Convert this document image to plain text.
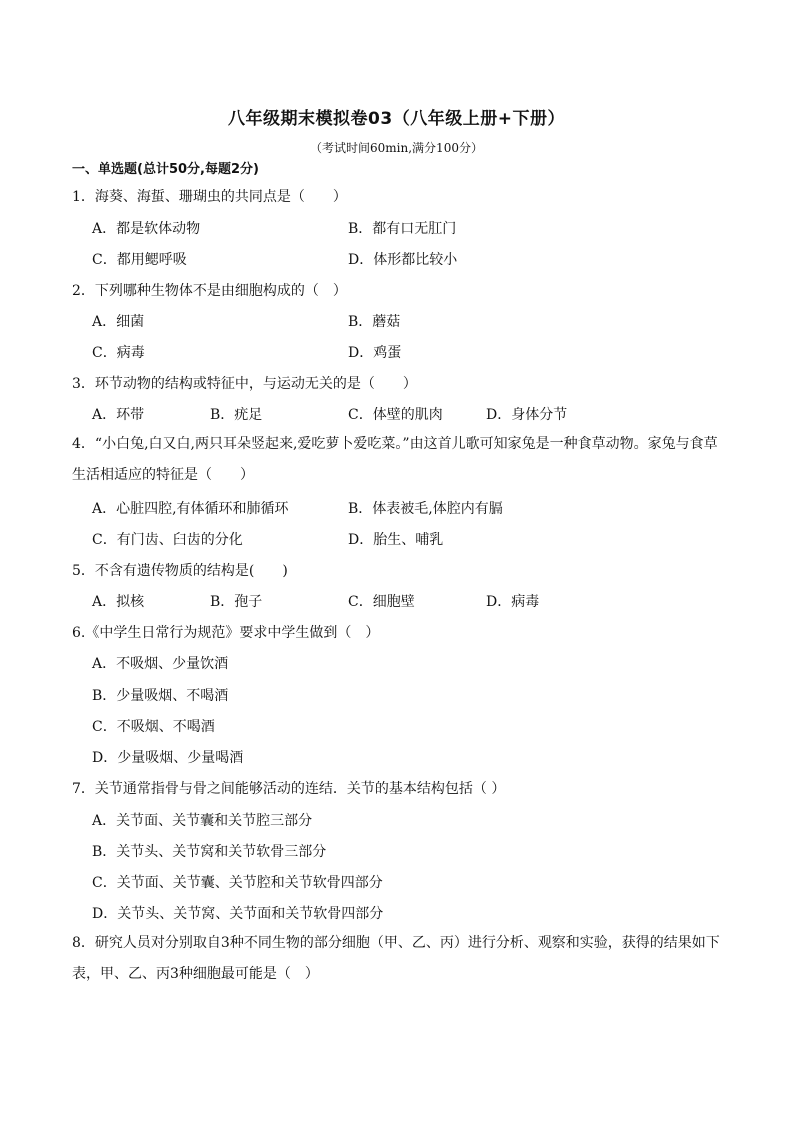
八年级期末模拟卷03（八年级上册+下册）
（考试时间60min,满分100分）
一、单选题(总计50分,每题2分)
1．海葵、海蜇、珊瑚虫的共同点是（　　）
A．都是软体动物	B．都有口无肛门
C．都用鳃呼吸	D．体形都比较小
2．下列哪种生物体不是由细胞构成的（　）
A．细菌	B．蘑菇
C．病毒	D．鸡蛋
3．环节动物的结构或特征中，与运动无关的是（　　）
A．环带	B．疣足	C．体壁的肌肉	D．身体分节
4．“小白兔,白又白,两只耳朵竖起来,爱吃萝卜爱吃菜。”由这首儿歌可知家兔是一种食草动物。家兔与食草生活相适应的特征是（　　）
A．心脏四腔,有体循环和肺循环	B．体表被毛,体腔内有膈
C．有门齿、臼齿的分化	D．胎生、哺乳
5．不含有遗传物质的结构是(　　)
A．拟核	B．孢子	C．细胞壁	D．病毒
6.《中学生日常行为规范》要求中学生做到（　）
A．不吸烟、少量饮酒
B．少量吸烟、不喝酒
C．不吸烟、不喝酒
D．少量吸烟、少量喝酒
7．关节通常指骨与骨之间能够活动的连结．关节的基本结构包括（ ）
A．关节面、关节囊和关节腔三部分
B．关节头、关节窝和关节软骨三部分
C．关节面、关节囊、关节腔和关节软骨四部分
D．关节头、关节窝、关节面和关节软骨四部分
8．研究人员对分别取自3种不同生物的部分细胞（甲、乙、丙）进行分析、观察和实验，获得的结果如下表，甲、乙、丙3种细胞最可能是（　）
